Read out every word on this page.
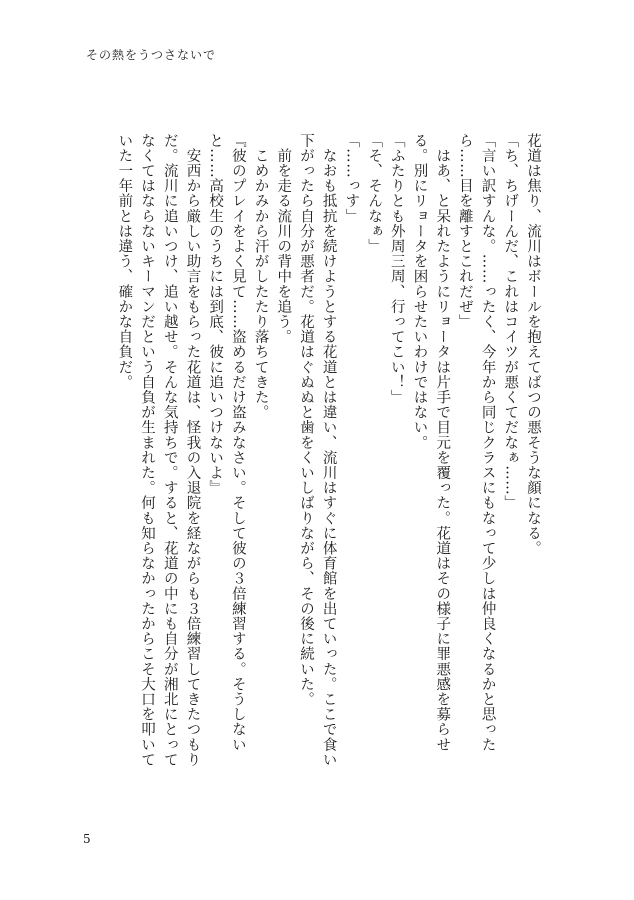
その熱をうつさないで

花道は焦り、流川はボールを抱えてばつの悪そうな顔になる。

「ち、ちげーんだ、これはコイツが悪くてだなぁ……」

「言い訳すんな。……ったく、今年から同じクラスにもなって少しは仲良くなるかと思ったら……目を離すとこれだぜ」

　はあ、と呆れたようにリョータは片手で目元を覆った。花道はその様子に罪悪感を募らせる。別にリョータを困らせたいわけではない。

「ふたりとも外周三周、行ってこい！」

「そ、そんなぁ」

「……っす」

　なおも抵抗を続けようとする花道とは違い、流川はすぐに体育館を出ていった。ここで食い下がったら自分が悪者だ。花道はぐぬぬと歯をくいしばりながら、その後に続いた。

　前を走る流川の背中を追う。

　こめかみから汗がしたたり落ちてきた。

『彼のプレイをよく見て……盗めるだけ盗みなさい。そして彼の３倍練習する。そうしないと……高校生のうちには到底、彼に追いつけないよ』

　安西から厳しい助言をもらった花道は、怪我の入退院を経ながらも３倍練習してきたつもりだ。流川に追いつけ、追い越せ。そんな気持ちで。すると、花道の中にも自分が湘北にとってなくてはならないキーマンだという自負が生まれた。何も知らなかったからこそ大口を叩いていた一年前とは違う、確かな自負だ。

5
